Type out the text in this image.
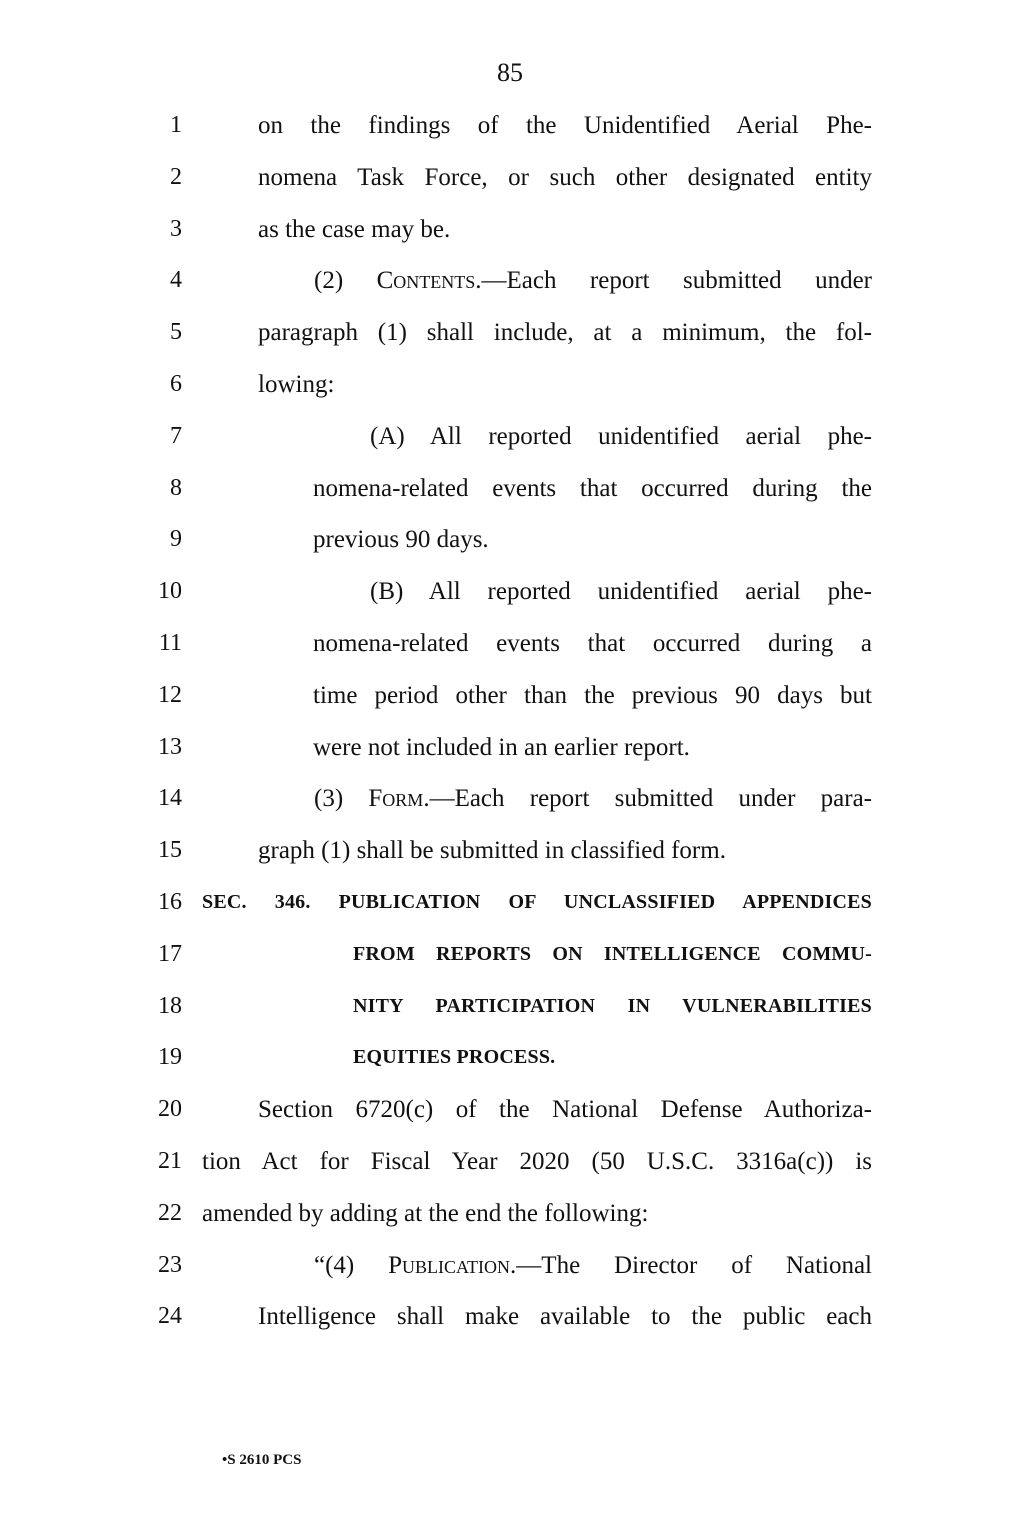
85
1	on the findings of the Unidentified Aerial Phe-
2	nomena Task Force, or such other designated entity
3	as the case may be.
4	(2) Contents.—Each report submitted under
5	paragraph (1) shall include, at a minimum, the fol-
6	lowing:
7	(A) All reported unidentified aerial phe-
8	nomena-related events that occurred during the
9	previous 90 days.
10	(B) All reported unidentified aerial phe-
11	nomena-related events that occurred during a
12	time period other than the previous 90 days but
13	were not included in an earlier report.
14	(3) Form.—Each report submitted under para-
15	graph (1) shall be submitted in classified form.
16 SEC. 346. PUBLICATION OF UNCLASSIFIED APPENDICES
17	FROM REPORTS ON INTELLIGENCE COMMU-
18	NITY PARTICIPATION IN VULNERABILITIES
19	EQUITIES PROCESS.
20	Section 6720(c) of the National Defense Authoriza-
21 tion Act for Fiscal Year 2020 (50 U.S.C. 3316a(c)) is
22 amended by adding at the end the following:
23	“(4) Publication.—The Director of National
24	Intelligence shall make available to the public each
•S 2610 PCS
